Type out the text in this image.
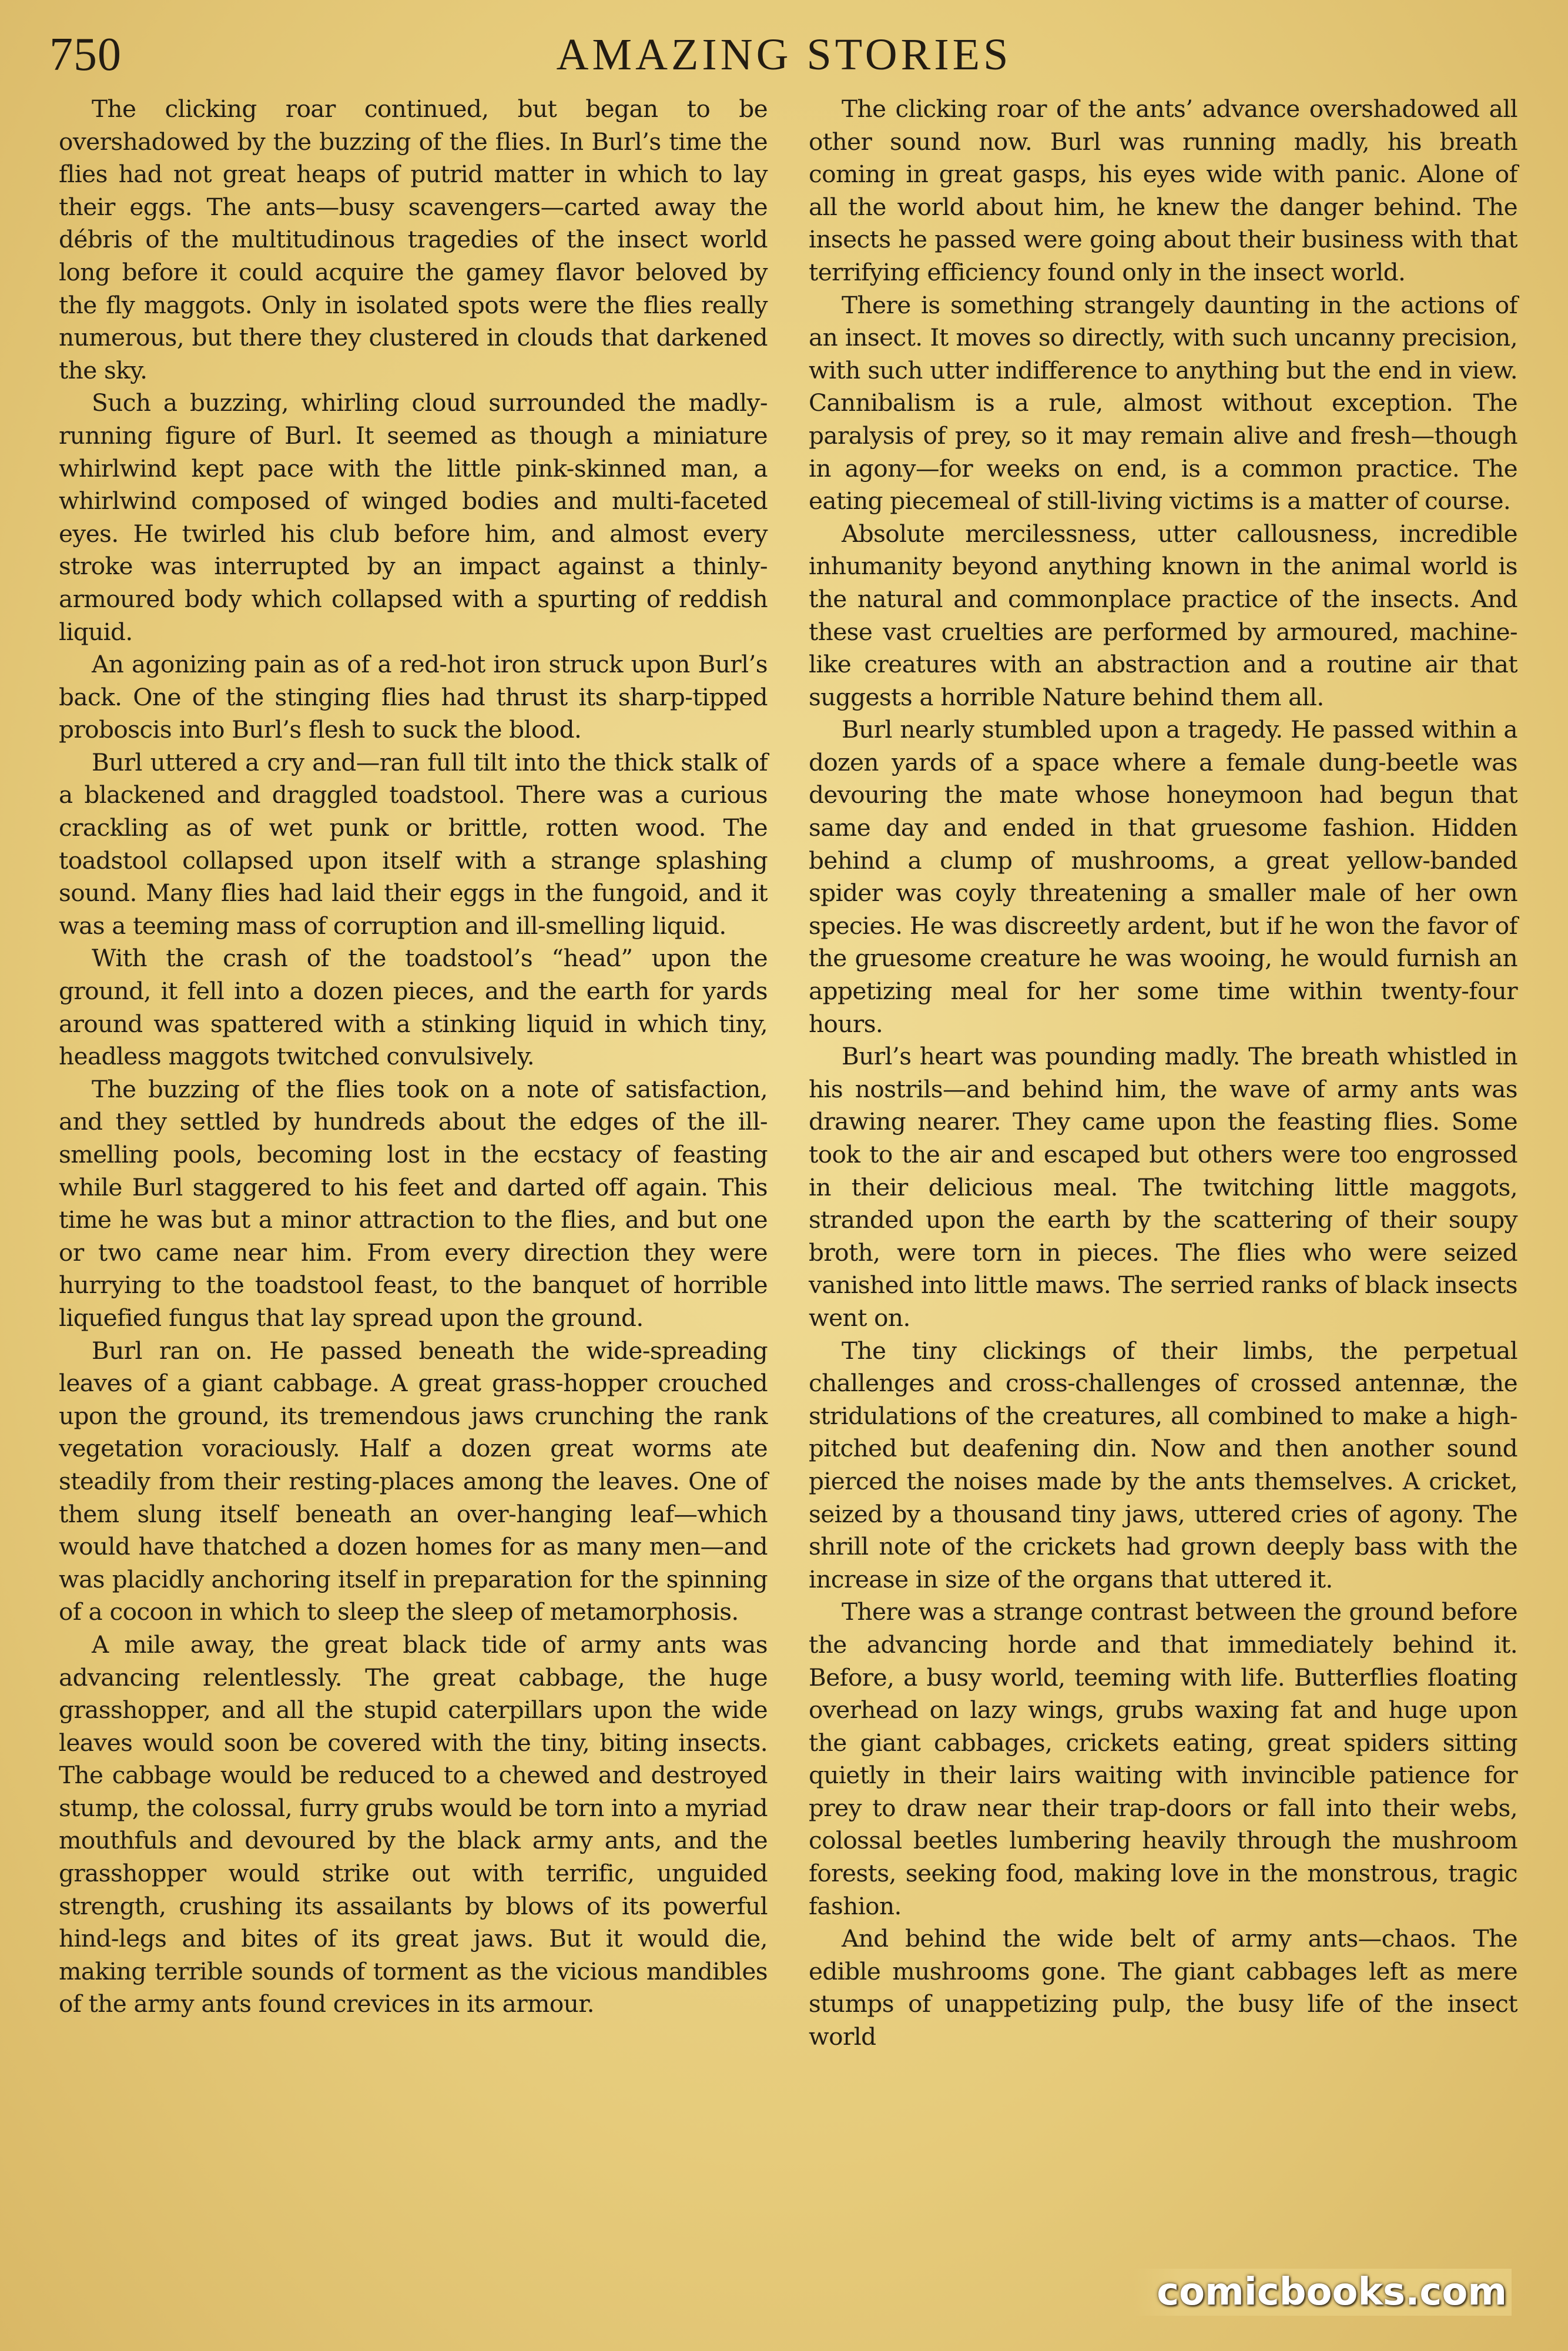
750	AMAZING STORIES

The clicking roar continued, but began to be overshadowed by the buzzing of the flies. In Burl’s time the flies had not great heaps of putrid matter in which to lay their eggs. The ants—busy scavengers—carted away the débris of the multitudinous tragedies of the insect world long before it could acquire the gamey flavor beloved by the fly maggots. Only in isolated spots were the flies really numerous, but there they clustered in clouds that darkened the sky.

Such a buzzing, whirling cloud surrounded the madly-running figure of Burl. It seemed as though a miniature whirlwind kept pace with the little pink-skinned man, a whirlwind composed of winged bodies and multi-faceted eyes. He twirled his club before him, and almost every stroke was interrupted by an impact against a thinly-armoured body which collapsed with a spurting of reddish liquid.

An agonizing pain as of a red-hot iron struck upon Burl’s back. One of the stinging flies had thrust its sharp-tipped proboscis into Burl’s flesh to suck the blood.

Burl uttered a cry and—ran full tilt into the thick stalk of a blackened and draggled toadstool. There was a curious crackling as of wet punk or brittle, rotten wood. The toadstool collapsed upon itself with a strange splashing sound. Many flies had laid their eggs in the fungoid, and it was a teeming mass of corruption and ill-smelling liquid.

With the crash of the toadstool’s “head” upon the ground, it fell into a dozen pieces, and the earth for yards around was spattered with a stinking liquid in which tiny, headless maggots twitched convulsively.

The buzzing of the flies took on a note of satisfaction, and they settled by hundreds about the edges of the ill-smelling pools, becoming lost in the ecstacy of feasting while Burl staggered to his feet and darted off again. This time he was but a minor attraction to the flies, and but one or two came near him. From every direction they were hurrying to the toadstool feast, to the banquet of horrible liquefied fungus that lay spread upon the ground.

Burl ran on. He passed beneath the wide-spreading leaves of a giant cabbage. A great grass-hopper crouched upon the ground, its tremendous jaws crunching the rank vegetation voraciously. Half a dozen great worms ate steadily from their resting-places among the leaves. One of them slung itself beneath an over-hanging leaf—which would have thatched a dozen homes for as many men—and was placidly anchoring itself in preparation for the spinning of a cocoon in which to sleep the sleep of metamorphosis.

A mile away, the great black tide of army ants was advancing relentlessly. The great cabbage, the huge grasshopper, and all the stupid caterpillars upon the wide leaves would soon be covered with the tiny, biting insects. The cabbage would be reduced to a chewed and destroyed stump, the colossal, furry grubs would be torn into a myriad mouthfuls and devoured by the black army ants, and the grasshopper would strike out with terrific, unguided strength, crushing its assailants by blows of its powerful hind-legs and bites of its great jaws. But it would die, making terrible sounds of torment as the vicious mandibles of the army ants found crevices in its armour.

The clicking roar of the ants’ advance overshadowed all other sound now. Burl was running madly, his breath coming in great gasps, his eyes wide with panic. Alone of all the world about him, he knew the danger behind. The insects he passed were going about their business with that terrifying efficiency found only in the insect world.

There is something strangely daunting in the actions of an insect. It moves so directly, with such uncanny precision, with such utter indifference to anything but the end in view. Cannibalism is a rule, almost without exception. The paralysis of prey, so it may remain alive and fresh—though in agony—for weeks on end, is a common practice. The eating piecemeal of still-living victims is a matter of course.

Absolute mercilessness, utter callousness, incredible inhumanity beyond anything known in the animal world is the natural and commonplace practice of the insects. And these vast cruelties are performed by armoured, machine-like creatures with an abstraction and a routine air that suggests a horrible Nature behind them all.

Burl nearly stumbled upon a tragedy. He passed within a dozen yards of a space where a female dung-beetle was devouring the mate whose honeymoon had begun that same day and ended in that gruesome fashion. Hidden behind a clump of mushrooms, a great yellow-banded spider was coyly threatening a smaller male of her own species. He was discreetly ardent, but if he won the favor of the gruesome creature he was wooing, he would furnish an appetizing meal for her some time within twenty-four hours.

Burl’s heart was pounding madly. The breath whistled in his nostrils—and behind him, the wave of army ants was drawing nearer. They came upon the feasting flies. Some took to the air and escaped but others were too engrossed in their delicious meal. The twitching little maggots, stranded upon the earth by the scattering of their soupy broth, were torn in pieces. The flies who were seized vanished into little maws. The serried ranks of black insects went on.

The tiny clickings of their limbs, the perpetual challenges and cross-challenges of crossed antennæ, the stridulations of the creatures, all combined to make a high-pitched but deafening din. Now and then another sound pierced the noises made by the ants themselves. A cricket, seized by a thousand tiny jaws, uttered cries of agony. The shrill note of the crickets had grown deeply bass with the increase in size of the organs that uttered it.

There was a strange contrast between the ground before the advancing horde and that immediately behind it. Before, a busy world, teeming with life. Butterflies floating overhead on lazy wings, grubs waxing fat and huge upon the giant cabbages, crickets eating, great spiders sitting quietly in their lairs waiting with invincible patience for prey to draw near their trap-doors or fall into their webs, colossal beetles lumbering heavily through the mushroom forests, seeking food, making love in the monstrous, tragic fashion.

And behind the wide belt of army ants—chaos. The edible mushrooms gone. The giant cabbages left as mere stumps of unappetizing pulp, the busy life of the insect world

comicbooks.com
